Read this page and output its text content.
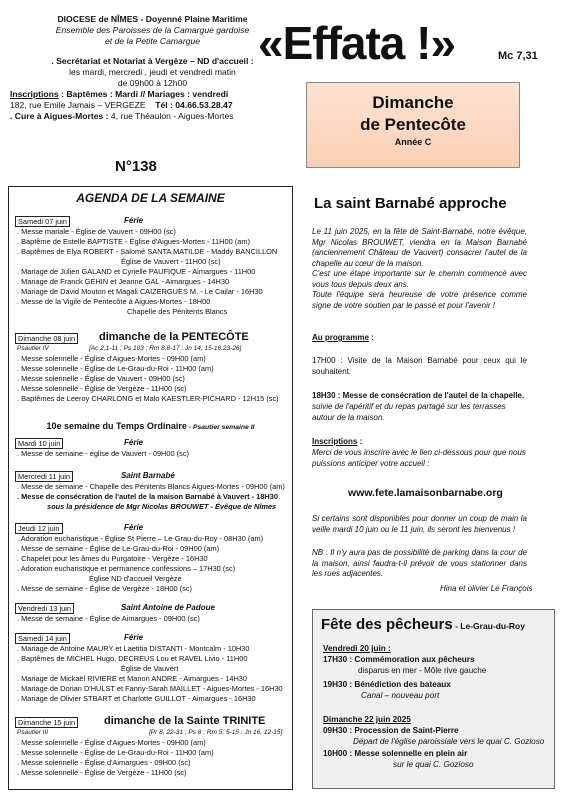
DIOCESE de NÎMES - Doyenné Plaine Maritime
Ensemble des Paroisses de la Camargue gardoise
et de la Petite Camargue
. Secrétariat et Notariat à Vergèze – ND d'accueil :
les mardi, mercredi , jeudi et vendredi matin
de 09h00 à 12h00
Inscriptions : Baptêmes : Mardi // Mariages : vendredi
182, rue Emile Jamais – VERGEZE Tél : 04.66.53.28.47
. Cure à Aigues-Mortes : 4, rue Théaulon - Aigues-Mortes
«Effata !»	Mc 7,31
Dimanche
de Pentecôte
Année C
N°138
AGENDA DE LA SEMAINE
Samedi 07 juin	Férie
. Messe mariale - Église de Vauvert - 09H00 (sc)
. Baptême de Estelle BAPTISTE - Église d'Aigues-Mortes - 11H00 (am)
. Baptêmes de Elya ROBERT - Salomé SANTA MATILDE - Maddy BANCILLON
Église de Vauvert - 11H00 (sc)
. Mariage de Julien GALAND et Cyrielle PAUFIQUE - Aimargues - 11H00
. Mariage de Franck GEHIN et Jeanne GAL - Aimargues - 14H30
. Mariage de David Mouton et Magali CAIZERGUES M. - Le Cailar - 16H30
. Messe de la Vigile de Pentecôte à Aigues-Mortes - 18H00
Chapelle des Pénitents Blancs
Dimanche 08 juin dimanche de la PENTECÔTE
Psautier IV	[Ac 2,1-11 ; Ps 103 ; Rm 8,8-17 ; Jn 14, 15-16.23-26]
. Messe solennelle - Église d'Aigues-Mortes - 09H00 (am)
. Messe solennelle - Église de Le-Grau-du-Roi - 11H00 (am)
. Messe solennelle - Église de Vauvert - 09H00 (sc)
. Messe solennelle - Église de Vergèze - 11H00 (sc)
. Baptêmes de Leeroy CHARLONG et Malo KAESTLER-PICHARD - 12H15 (sc)
10e semaine du Temps Ordinaire - Psautier semaine II
Mardi 10 juin	Férie
. Messe de semaine - église de Vauvert - 09H00 (sc)
Mercredi 11 juin	Saint Barnabé
. Messe de semaine - Chapelle des Pénitents Blancs Aigues-Mortes - 09H00 (am)
. Messe de consécration de l'autel de la maison Barnabé à Vauvert - 18H30
sous la présidence de Mgr Nicolas BROUWET - Évêque de Nîmes
Jeudi 12 juin	Férie
. Adoration eucharistique - Église St Pierre – Le-Grau-du-Roy - 08H30 (am)
. Messe de semaine - Église de Le-Grau-du-Roi - 09H00 (am)
. Chapelet pour les âmes du Purgatoire - Vergèze - 16H30
. Adoration eucharistique et permanence confessions – 17H30 (sc)
Église ND d'accueil Vergèze
. Messe de semaine - Église de Vergèze - 18H00 (sc)
Vendredi 13 juin	Saint Antoine de Padoue
. Messe de semaine - Église de Aimargues - 09H00 (sc)
Samedi 14 juin	Férie
. Mariage de Antoine MAURY et Laetitia DISTANTI - Montcalm - 10H30
. Baptêmes de MICHEL Hugo, DECREUS Lou et RAVEL Livio - 11H00
Église de Vauvert
. Mariage de Mickaël RIVIERE et Manon ANDRE - Aimargues - 14H30
. Mariage de Dorian D'HULST et Fanny-Sarah MAILLET - Aigues-Mortes - 16H30
. Mariage de Olivier STBART et Charlotte GUILLOT - Aimargues - 16H30
Dimanche 15 juin	dimanche de la Sainte TRINITE
Psautier III	[Pr 8, 22-31 ; Ps 8 ; Rm 5, 5-15 ; Jn 16, 12-15]
. Messe solennelle - Église d'Aigues-Mortes - 09H00 (am)
. Messe solennelle - Église de Le-Grau-du-Roi - 11H00 (am)
. Messe solennelle - Église d'Aimargues - 09H00 (sc)
. Messe solennelle - Église de Vergèze - 11H00 (sc)
La saint Barnabé approche
Le 11 juin 2025, en la fête de Saint-Barnabé, notre évêque, Mgr Nicolas BROUWET, viendra en la Maison Barnabé (anciennement Château de Vauvert) consacrer l'autel de la chapelle au cœur de la maison.
C'est une étape importante sur le chemin commencé avec vous tous depuis deux ans.
Toute l'équipe sera heureuse de votre présence comme signe de votre soutien par le passé et pour l'avenir !
Au programme :
17H00 : Visite de la Maison Barnabé pour ceux qui le souhaitent.
18H30 : Messe de consécration de l'autel de la chapelle.
suivie de l'apéritif et du repas partagé sur les terrasses autour de la maison.
Inscriptions :
Merci de vous inscrire avec le lien ci-dessous pour que nous puissions anticiper votre accueil :
www.fete.lamaisonbarnabe.org
Si certains sont disponibles pour donner un coup de main la veille mardi 10 juin ou le 11 juin, ils seront les bienvenus !
NB : Il n'y aura pas de possibilité de parking dans la cour de la maison, ainsi faudra-t-il prévoir de vous stationner dans les rues adjacentes.
Hina et olivier Le François
Fête des pêcheurs - Le-Grau-du-Roy
Vendredi 20 juin :
17H30 : Commémoration aux pêcheurs
disparus en mer - Môle rive gauche
19H30 : Bénédiction des bateaux
Canal – nouveau port
Dimanche 22 juin 2025
09H30 : Procession de Saint-Pierre
Départ de l'église paroissiale vers le quai C. Gozioso
10H00 : Messe solennelle en plein air
sur le quai C. Gozioso
